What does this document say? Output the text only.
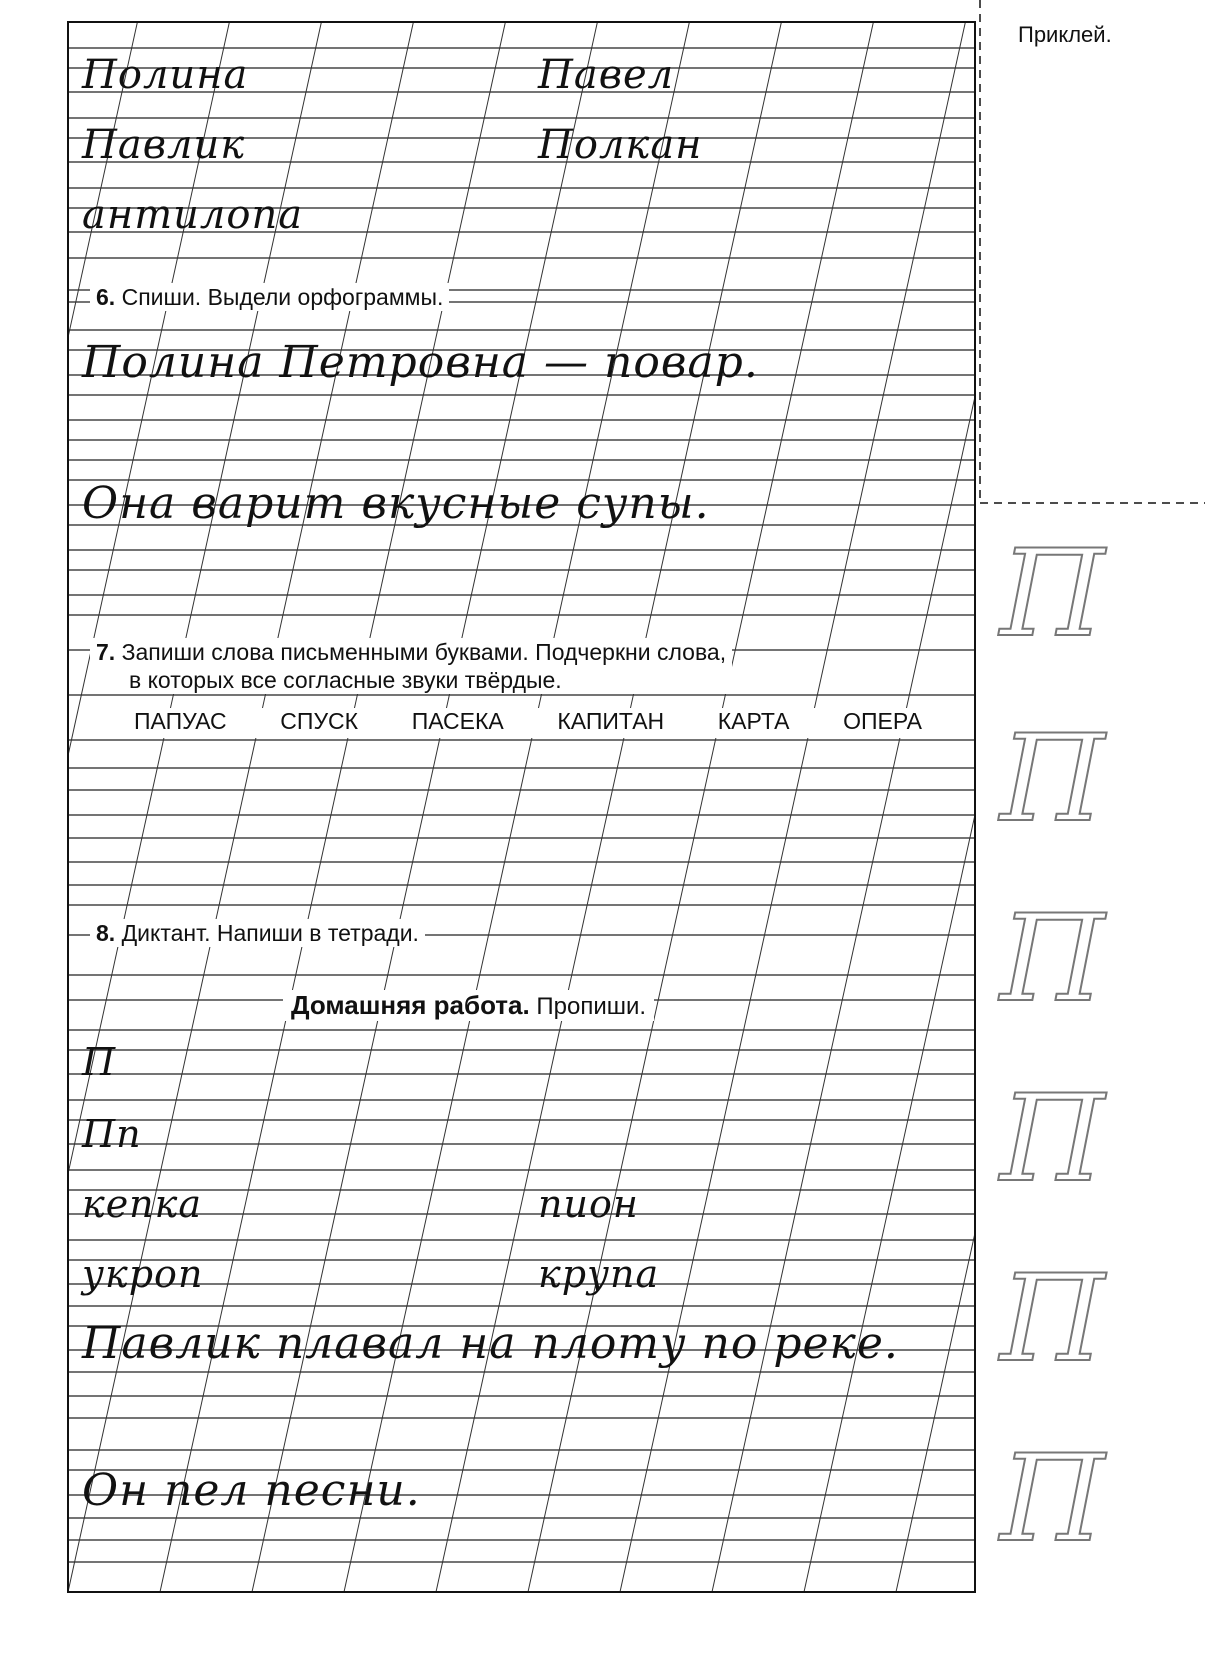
Приклей.
Полина	Павел
Павлик	Полкан
антилопа
6. Спиши. Выдели орфограммы.
Полина Петровна — повар.
Она варит вкусные супы.
7. Запиши слова письменными буквами. Подчеркни слова,
в которых все согласные звуки твёрдые.
ПАПУАС СПУСК ПАСЕКА КАПИТАН КАРТА ОПЕРА
8. Диктант. Напиши в тетради.
Домашняя работа. Пропиши.
П
Пп
кепка	пион
укроп	крупа
Павлик плавал на плоту по реке.
Он пел песни.
П
П
П
П
П
П
